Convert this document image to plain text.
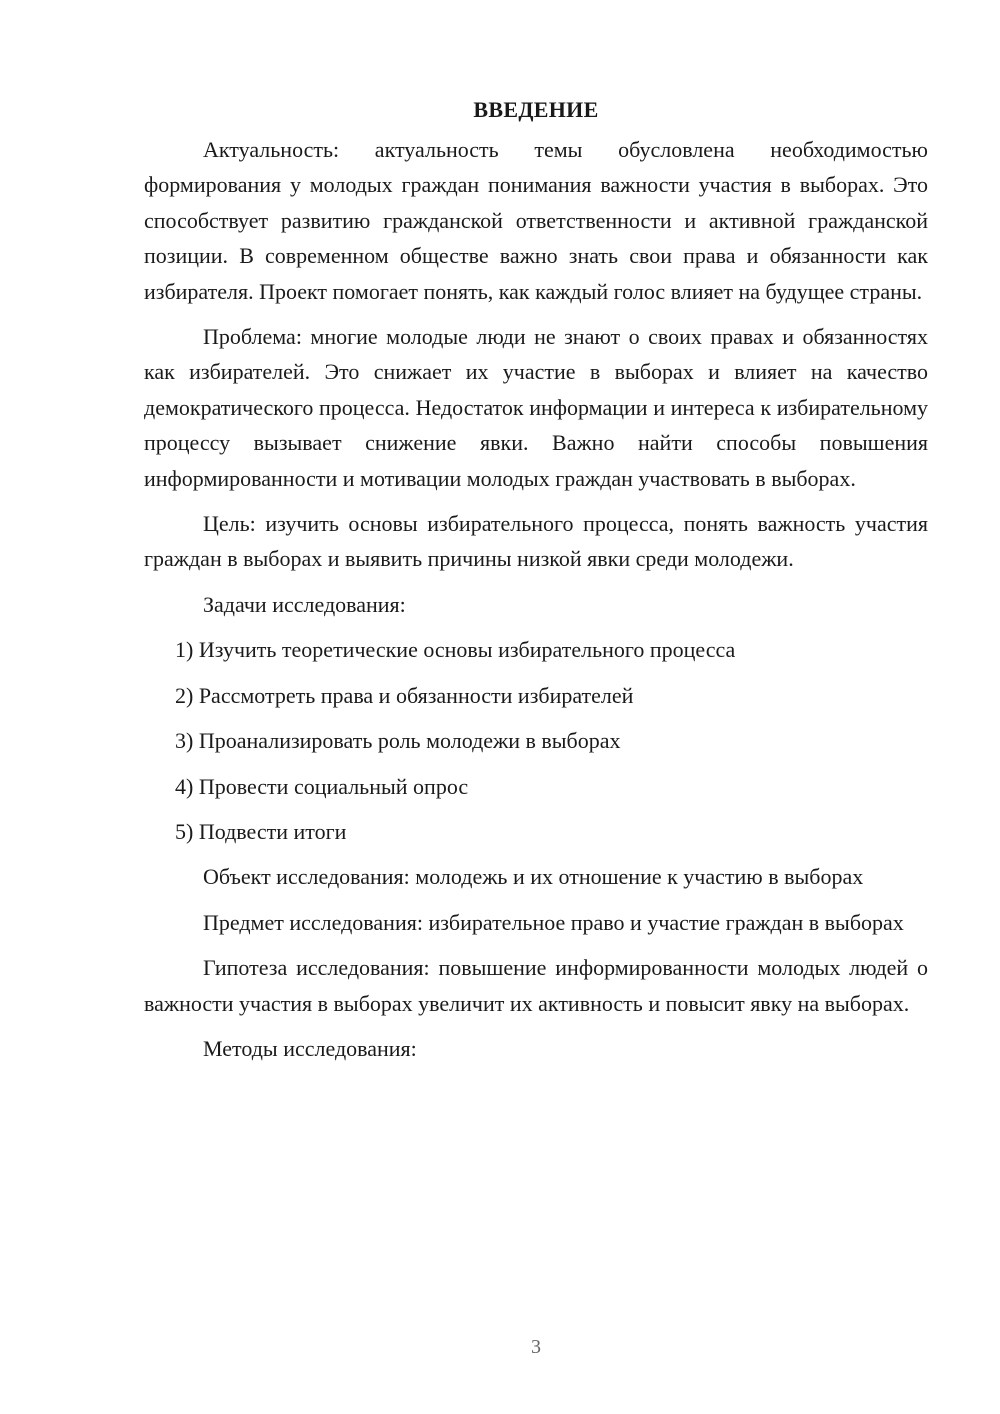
ВВЕДЕНИЕ

Актуальность: актуальность темы обусловлена необходимостью формирования у молодых граждан понимания важности участия в выборах. Это способствует развитию гражданской ответственности и активной гражданской позиции. В современном обществе важно знать свои права и обязанности как избирателя. Проект помогает понять, как каждый голос влияет на будущее страны.

Проблема: многие молодые люди не знают о своих правах и обязанностях как избирателей. Это снижает их участие в выборах и влияет на качество демократического процесса. Недостаток информации и интереса к избирательному процессу вызывает снижение явки. Важно найти способы повышения информированности и мотивации молодых граждан участвовать в выборах.

Цель: изучить основы избирательного процесса, понять важность участия граждан в выборах и выявить причины низкой явки среди молодежи.

Задачи исследования:

1) Изучить теоретические основы избирательного процесса
2) Рассмотреть права и обязанности избирателей
3) Проанализировать роль молодежи в выборах
4) Провести социальный опрос
5) Подвести итоги

Объект исследования: молодежь и их отношение к участию в выборах

Предмет исследования: избирательное право и участие граждан в выборах

Гипотеза исследования: повышение информированности молодых людей о важности участия в выборах увеличит их активность и повысит явку на выборах.

Методы исследования:

3
